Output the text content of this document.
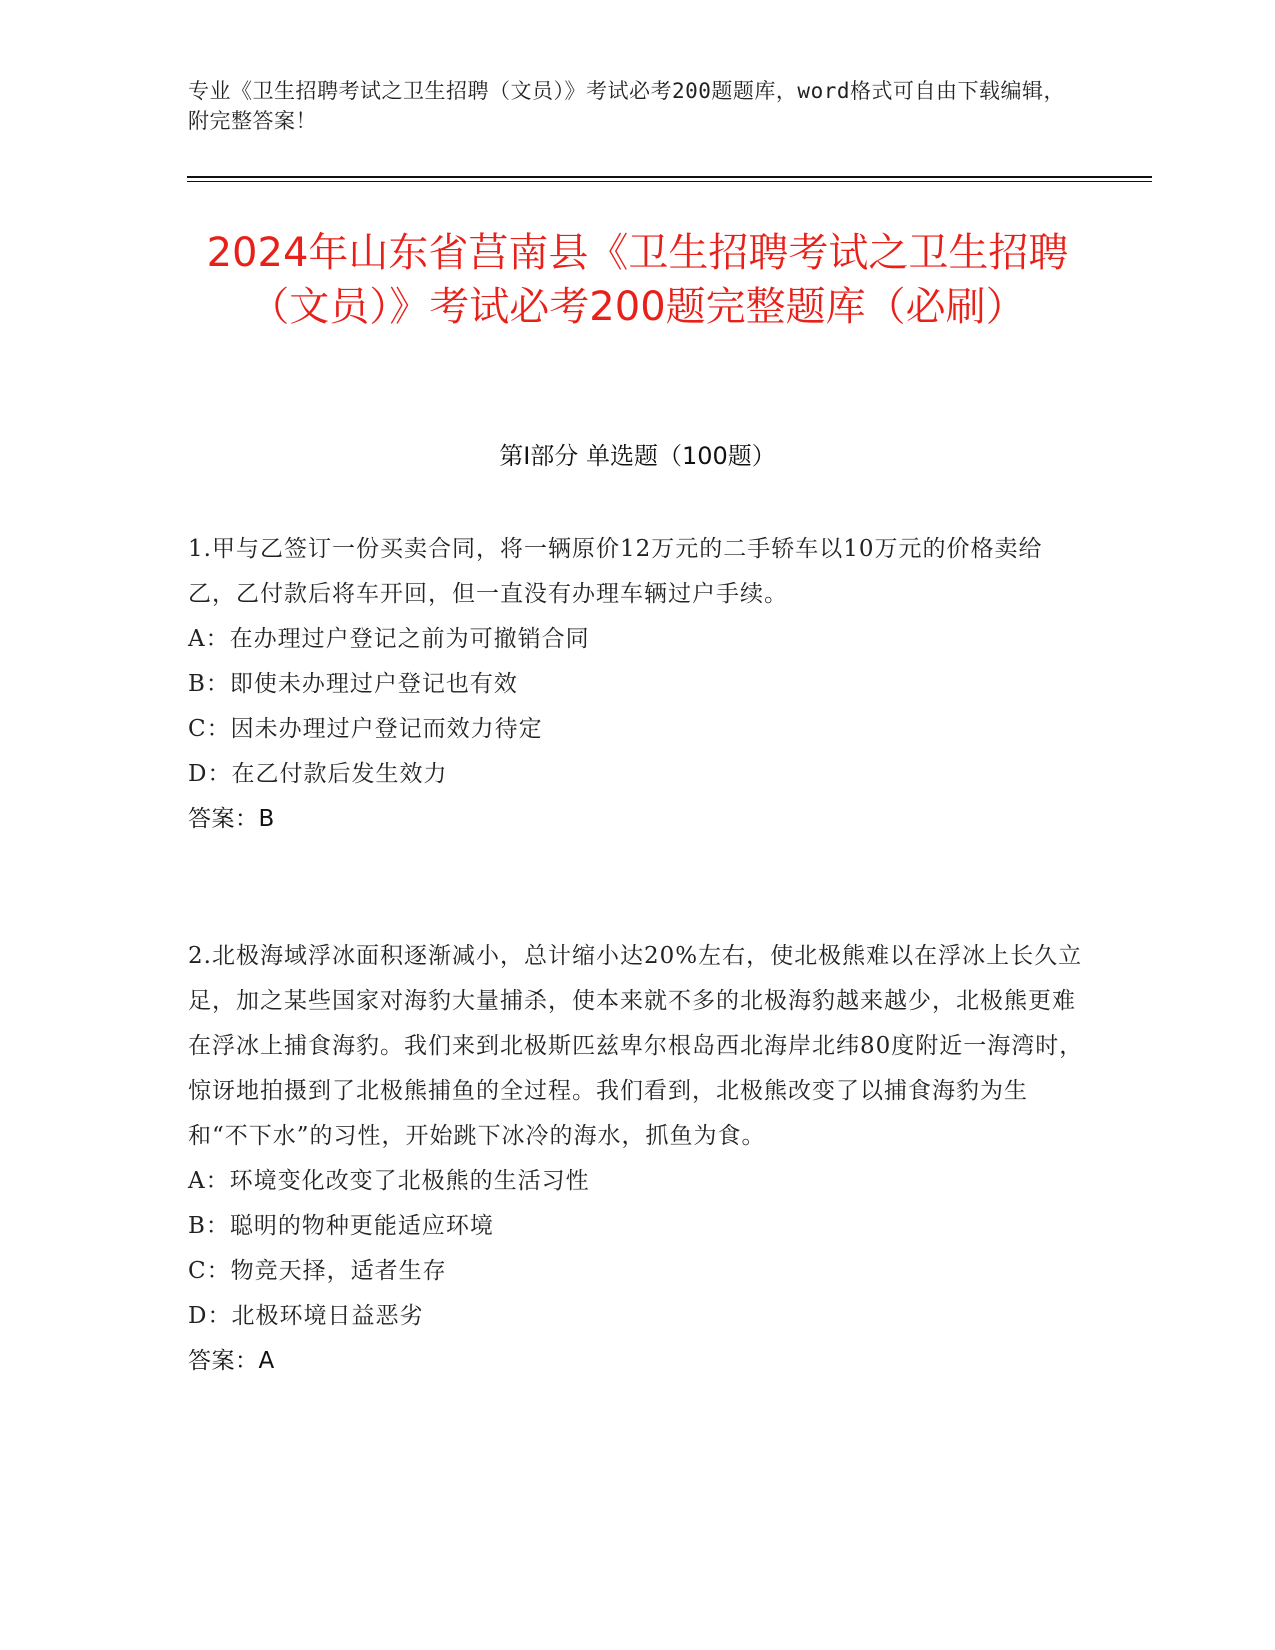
专业《卫生招聘考试之卫生招聘（文员）》考试必考200题题库，word格式可自由下载编辑，附完整答案！
2024年山东省莒南县《卫生招聘考试之卫生招聘（文员）》考试必考200题完整题库（必刷）
第I部分 单选题（100题）
1.甲与乙签订一份买卖合同，将一辆原价12万元的二手轿车以10万元的价格卖给乙，乙付款后将车开回，但一直没有办理车辆过户手续。
A：在办理过户登记之前为可撤销合同
B：即使未办理过户登记也有效
C：因未办理过户登记而效力待定
D：在乙付款后发生效力
答案：B
2.北极海域浮冰面积逐渐减小，总计缩小达20%左右，使北极熊难以在浮冰上长久立足，加之某些国家对海豹大量捕杀，使本来就不多的北极海豹越来越少，北极熊更难在浮冰上捕食海豹。我们来到北极斯匹兹卑尔根岛西北海岸北纬80度附近一海湾时，惊讶地拍摄到了北极熊捕鱼的全过程。我们看到，北极熊改变了以捕食海豹为生和“不下水”的习性，开始跳下冰冷的海水，抓鱼为食。
A：环境变化改变了北极熊的生活习性
B：聪明的物种更能适应环境
C：物竞天择，适者生存
D：北极环境日益恶劣
答案：A
